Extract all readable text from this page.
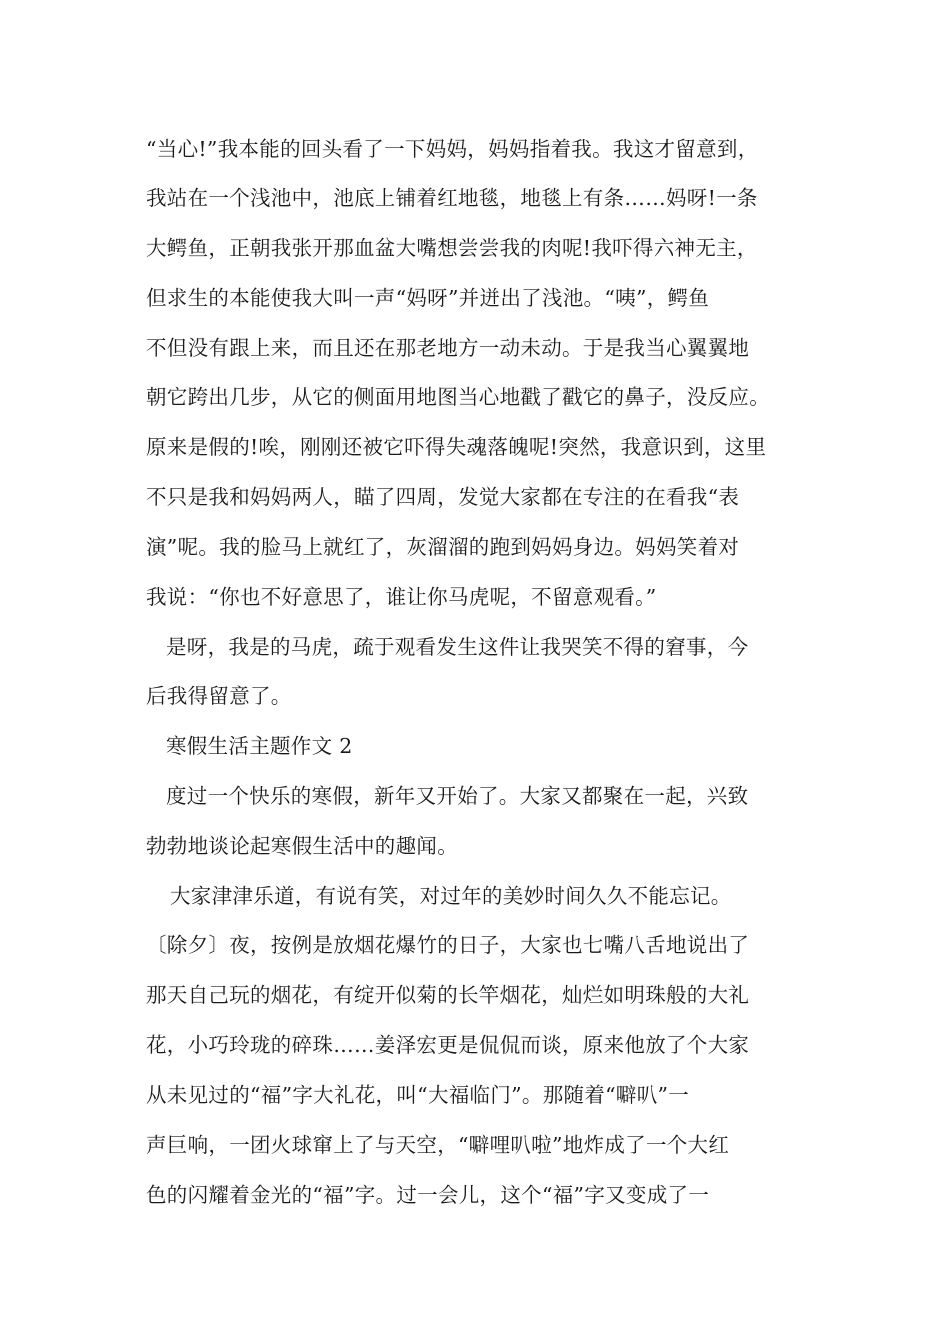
“当心!”我本能的回头看了一下妈妈，妈妈指着我。我这才留意到，

我站在一个浅池中，池底上铺着红地毯，地毯上有条……妈呀!一条

大鳄鱼，正朝我张开那血盆大嘴想尝尝我的肉呢!我吓得六神无主，

但求生的本能使我大叫一声“妈呀”并迸出了浅池。“咦”，鳄鱼

不但没有跟上来，而且还在那老地方一动未动。于是我当心翼翼地

朝它跨出几步，从它的侧面用地图当心地戳了戳它的鼻子，没反应。

原来是假的!唉，刚刚还被它吓得失魂落魄呢!突然，我意识到，这里

不只是我和妈妈两人，瞄了四周，发觉大家都在专注的在看我“表

演”呢。我的脸马上就红了，灰溜溜的跑到妈妈身边。妈妈笑着对

我说：“你也不好意思了，谁让你马虎呢，不留意观看。”

是呀，我是的马虎，疏于观看发生这件让我哭笑不得的窘事，今

后我得留意了。

寒假生活主题作文 2

度过一个快乐的寒假，新年又开始了。大家又都聚在一起，兴致

勃勃地谈论起寒假生活中的趣闻。

大家津津乐道，有说有笑，对过年的美妙时间久久不能忘记。

〔除夕〕夜，按例是放烟花爆竹的日子，大家也七嘴八舌地说出了

那天自己玩的烟花，有绽开似菊的长竿烟花，灿烂如明珠般的大礼

花，小巧玲珑的碎珠……姜泽宏更是侃侃而谈，原来他放了个大家

从未见过的“福”字大礼花，叫“大福临门”。那随着“噼叭”一

声巨响，一团火球窜上了与天空，“噼哩叭啦”地炸成了一个大红

色的闪耀着金光的“福”字。过一会儿，这个“福”字又变成了一
